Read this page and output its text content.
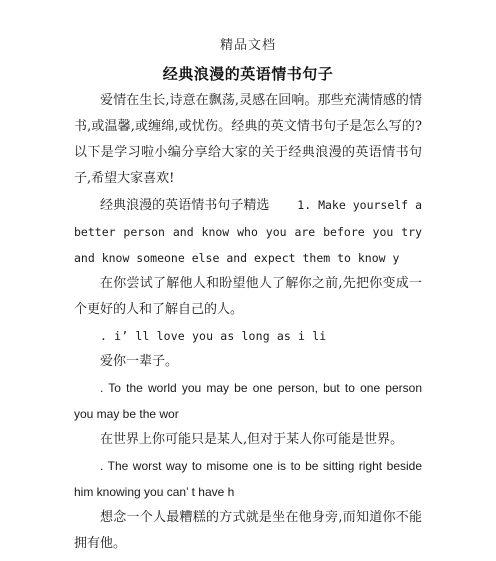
精品文档
经典浪漫的英语情书句子

爱情在生长,诗意在飘荡,灵感在回响。那些充满情感的情书,或温馨,或缠绵,或忧伤。经典的英文情书句子是怎么写的?以下是学习啦小编分享给大家的关于经典浪漫的英语情书句子,希望大家喜欢!

经典浪漫的英语情书句子精选 1. Make yourself a better person and know who you are before you try and know someone else and expect them to know y

在你尝试了解他人和盼望他人了解你之前,先把你变成一个更好的人和了解自己的人。

. i’ ll love you as long as i li

爱你一辈子。

. To the world you may be one person, but to one person you may be the wor

在世界上你可能只是某人,但对于某人你可能是世界。

. The worst way to misome one is to be sitting right beside him knowing you can’ t have h

想念一个人最糟糕的方式就是坐在他身旁,而知道你不能拥有他。
